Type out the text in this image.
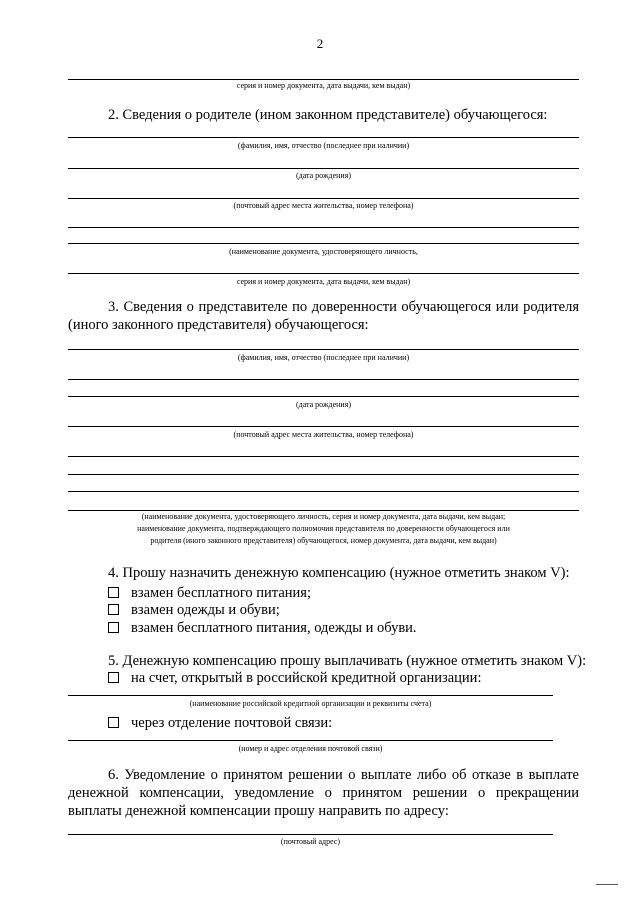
2
серия и номер документа, дата выдачи, кем выдан)
2. Сведения о родителе (ином законном представителе) обучающегося:
(фамилия, имя, отчество (последнее при наличии)
(дата рождения)
(почтовый адрес места жительства, номер телефона)
(наименование документа, удостоверяющего личность,
серия и номер документа, дата выдачи, кем выдан)
3. Сведения о представителе по доверенности обучающегося или родителя (иного законного представителя) обучающегося:
(фамилия, имя, отчество (последнее при наличии)
(дата рождения)
(почтовый адрес места жительства, номер телефона)
(наименование документа, удостоверяющего личность, серия и номер документа, дата выдачи, кем выдан;
наименование документа, подтверждающего полномочия представителя по доверенности обучающегося или
родителя (иного законного представителя) обучающегося, номер документа, дата выдачи, кем выдан)
4. Прошу назначить денежную компенсацию (нужное отметить знаком V):
взамен бесплатного питания;
взамен одежды и обуви;
взамен бесплатного питания, одежды и обуви.
5. Денежную компенсацию прошу выплачивать (нужное отметить знаком V):
на счет, открытый в российской кредитной организации:
(наименование российской кредитной организации и реквизиты счета)
через отделение почтовой связи:
(номер и адрес отделения почтовой связи)
6. Уведомление о принятом решении о выплате либо об отказе в выплате денежной компенсации, уведомление о принятом решении о прекращении выплаты денежной компенсации прошу направить по адресу:
(почтовый адрес)
